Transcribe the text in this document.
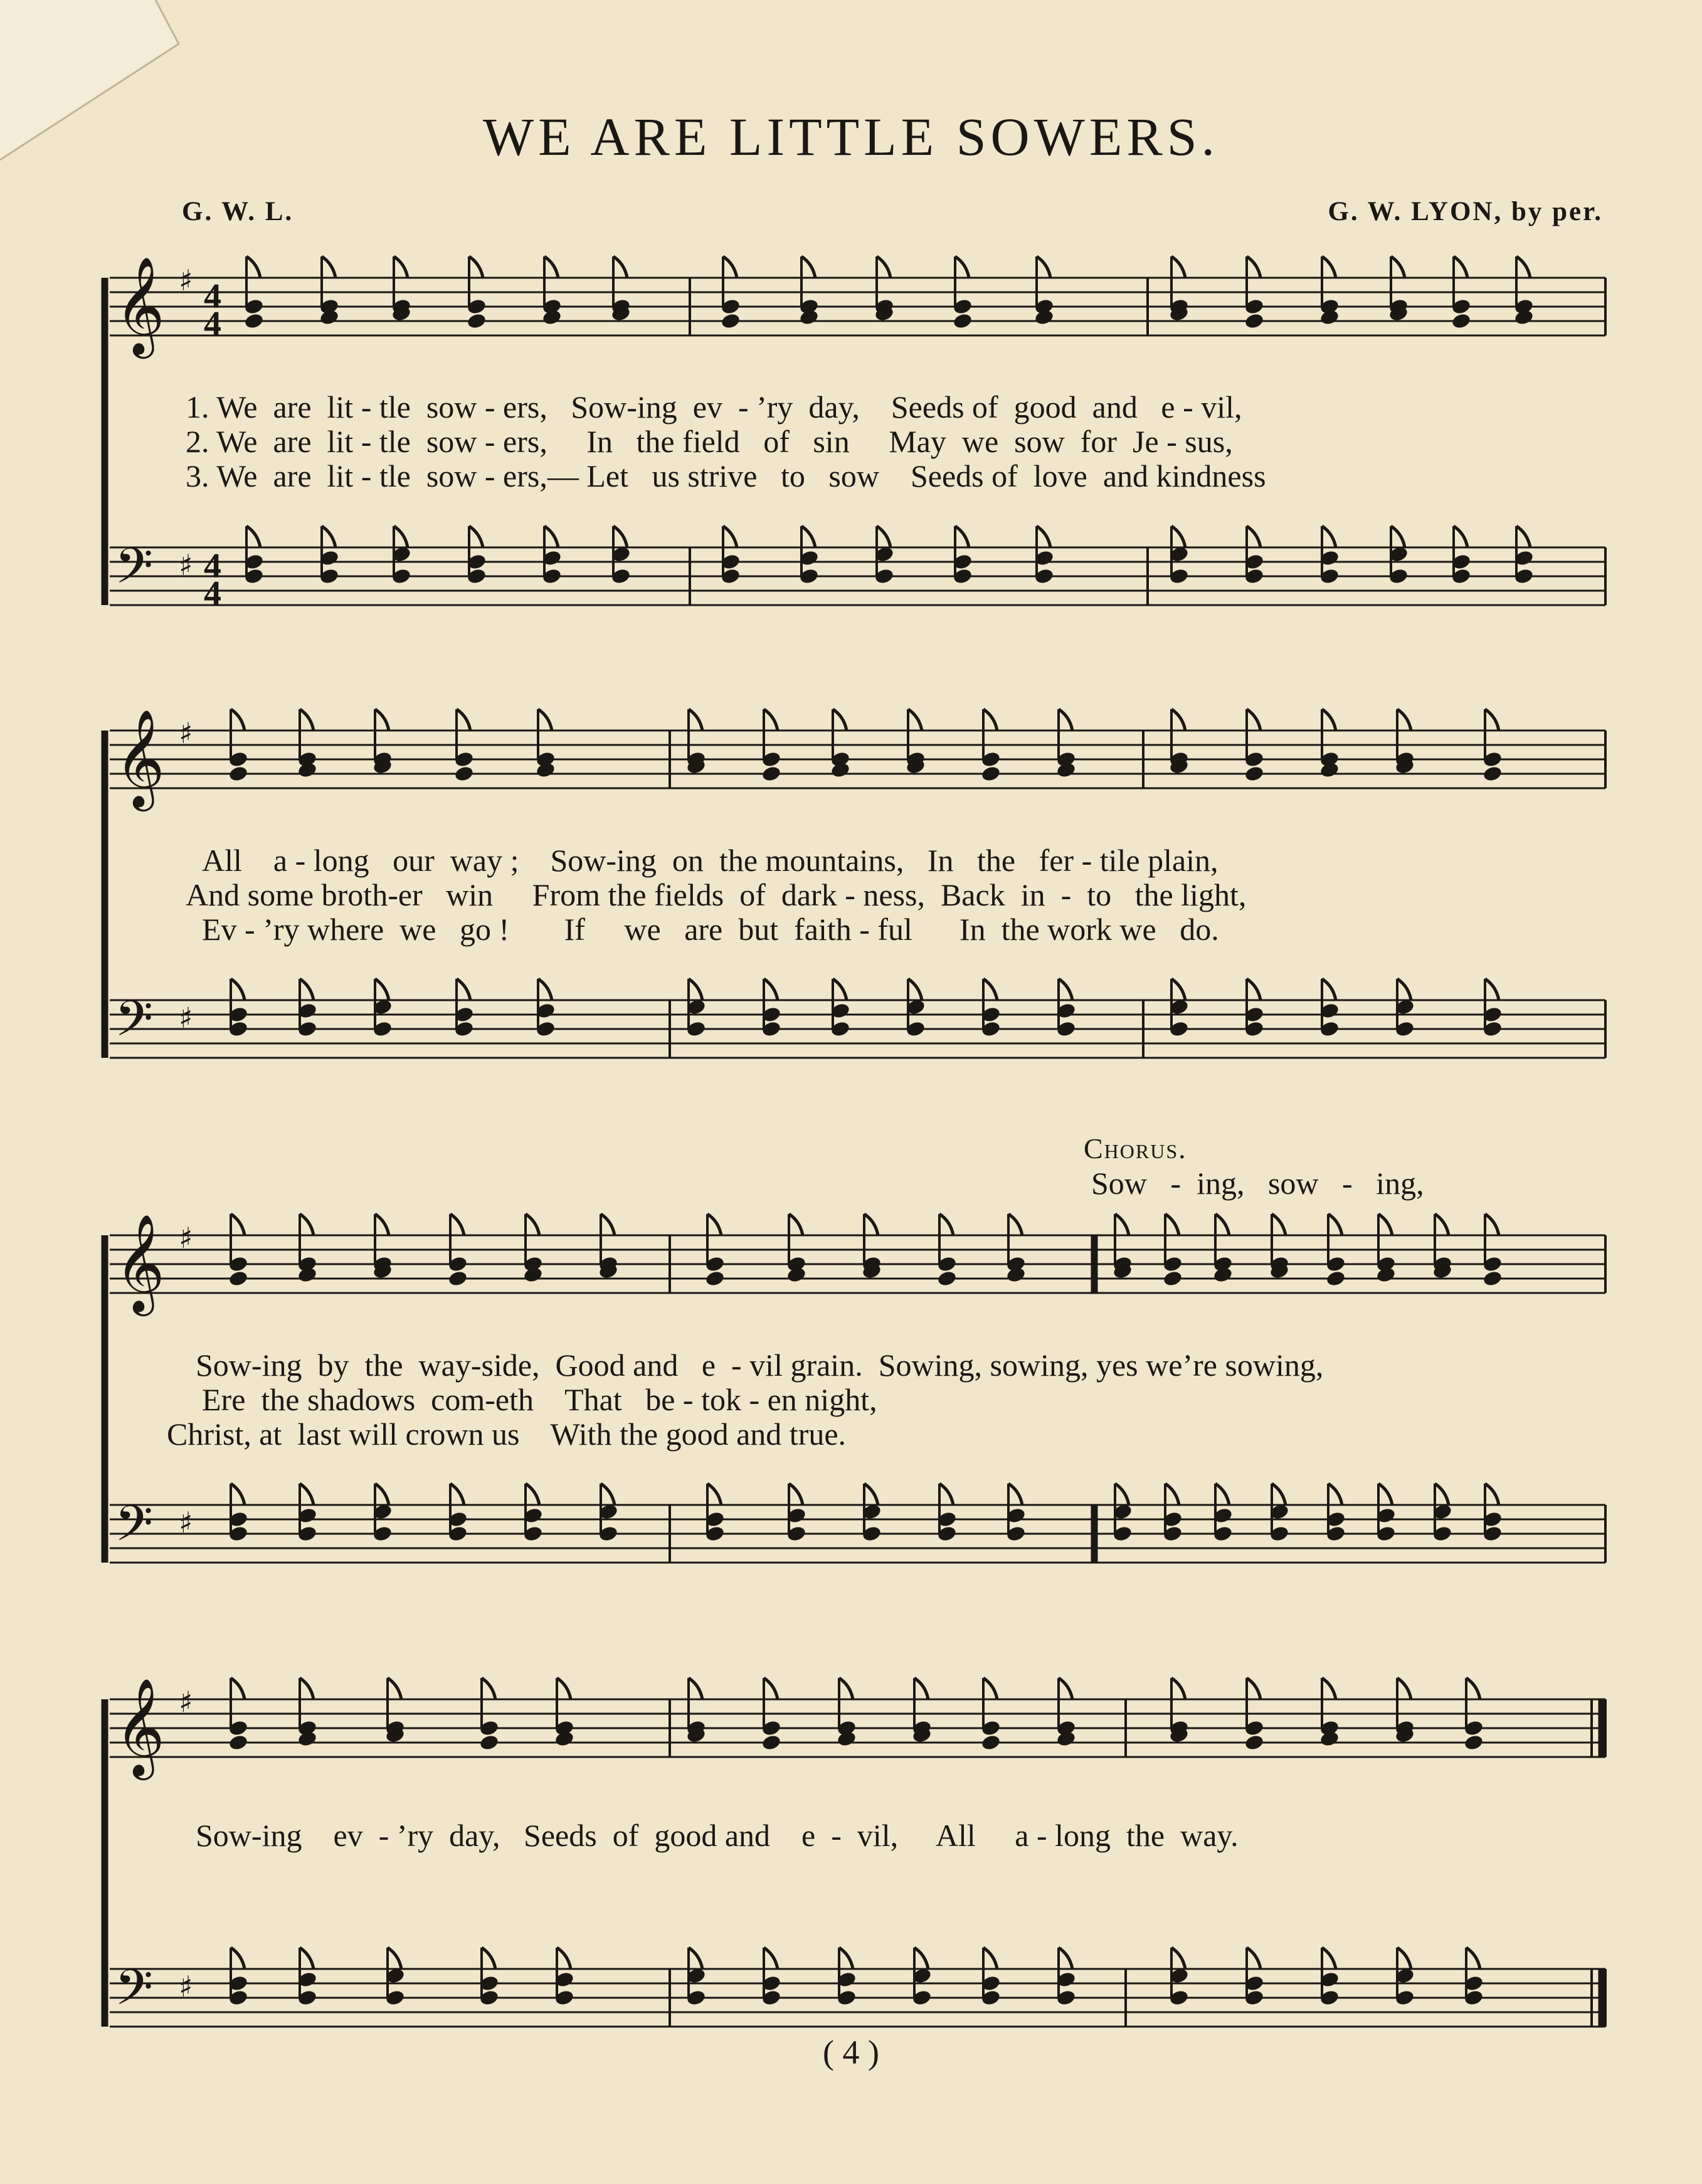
𝄞 ♯ 4
4
𝄢 ♯ 4
4
𝄞 ♯
𝄢 ♯
𝄞 ♯
𝄢 ♯
𝄞 ♯
𝄢 ♯
WE ARE LITTLE SOWERS.
G. W. L.	G. W. LYON, by per.
1. We  are  lit - tle  sow - ers,   Sow-ing  ev  - ’ry  day,    Seeds of  good  and   e - vil,
2. We  are  lit - tle  sow - ers,     In   the field   of   sin     May  we  sow  for  Je - sus,
3. We  are  lit - tle  sow - ers,— Let   us strive   to   sow    Seeds of  love  and kindness
All    a - long   our  way ;    Sow-ing  on  the mountains,   In   the   fer - tile plain,
And some broth-er   win     From the fields  of  dark - ness,  Back  in  -  to   the light,
Ev - ’ry where  we   go !       If     we   are  but  faith - ful      In  the work we   do.
Chorus.
Sow   -  ing,   sow   -   ing,
Sow-ing  by  the  way-side,  Good and   e  - vil grain.  Sowing, sowing, yes we’re sowing,
Ere  the shadows  com-eth    That   be - tok - en night,
Christ, at  last will crown us    With the good and true.
Sow-ing    ev  - ’ry  day,   Seeds  of  good and    e  -  vil,     All     a - long  the  way.
( 4 )
